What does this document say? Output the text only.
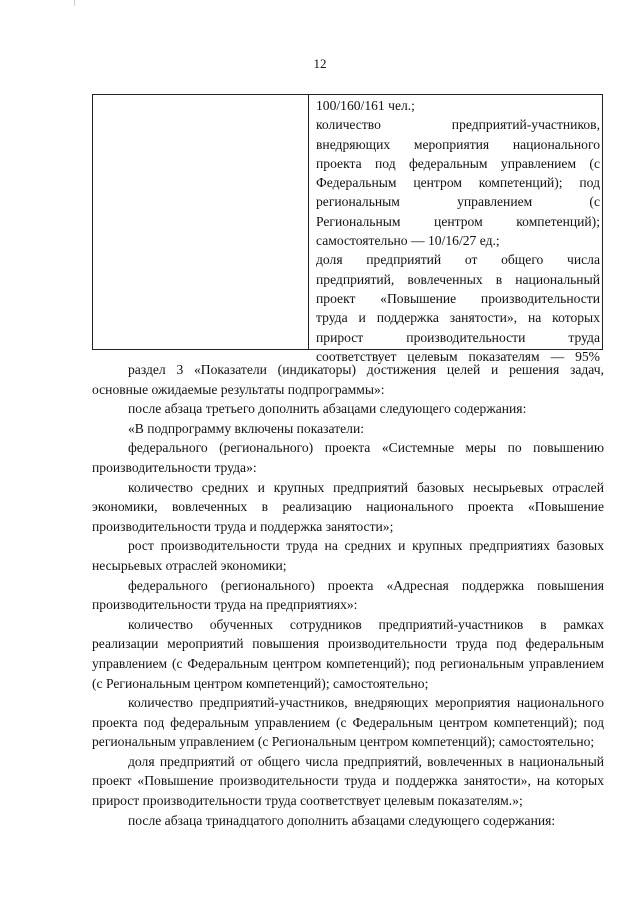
12
100/160/161 чел.;
количество предприятий-участников,
внедряющих мероприятия национального
проекта под федеральным управлением (с
Федеральным центром компетенций); под
региональным управлением (с
Региональным центром компетенций);
самостоятельно — 10/16/27 ед.;
доля предприятий от общего числа
предприятий, вовлеченных в национальный
проект «Повышение производительности
труда и поддержка занятости», на которых
прирост производительности труда
соответствует целевым показателям — 95%

раздел 3 «Показатели (индикаторы) достижения целей и решения задач, основные ожидаемые результаты подпрограммы»:

после абзаца третьего дополнить абзацами следующего содержания:

«В подпрограмму включены показатели:

федерального (регионального) проекта «Системные меры по повышению производительности труда»:

количество средних и крупных предприятий базовых несырьевых отраслей экономики, вовлеченных в реализацию национального проекта «Повышение производительности труда и поддержка занятости»;

рост производительности труда на средних и крупных предприятиях базовых несырьевых отраслей экономики;

федерального (регионального) проекта «Адресная поддержка повышения производительности труда на предприятиях»:

количество обученных сотрудников предприятий-участников в рамках реализации мероприятий повышения производительности труда под федеральным управлением (с Федеральным центром компетенций); под региональным управлением (с Региональным центром компетенций); самостоятельно;

количество предприятий-участников, внедряющих мероприятия национального проекта под федеральным управлением (с Федеральным центром компетенций); под региональным управлением (с Региональным центром компетенций); самостоятельно;

доля предприятий от общего числа предприятий, вовлеченных в национальный проект «Повышение производительности труда и поддержка занятости», на которых прирост производительности труда соответствует целевым показателям.»;

после абзаца тринадцатого дополнить абзацами следующего содержания:
